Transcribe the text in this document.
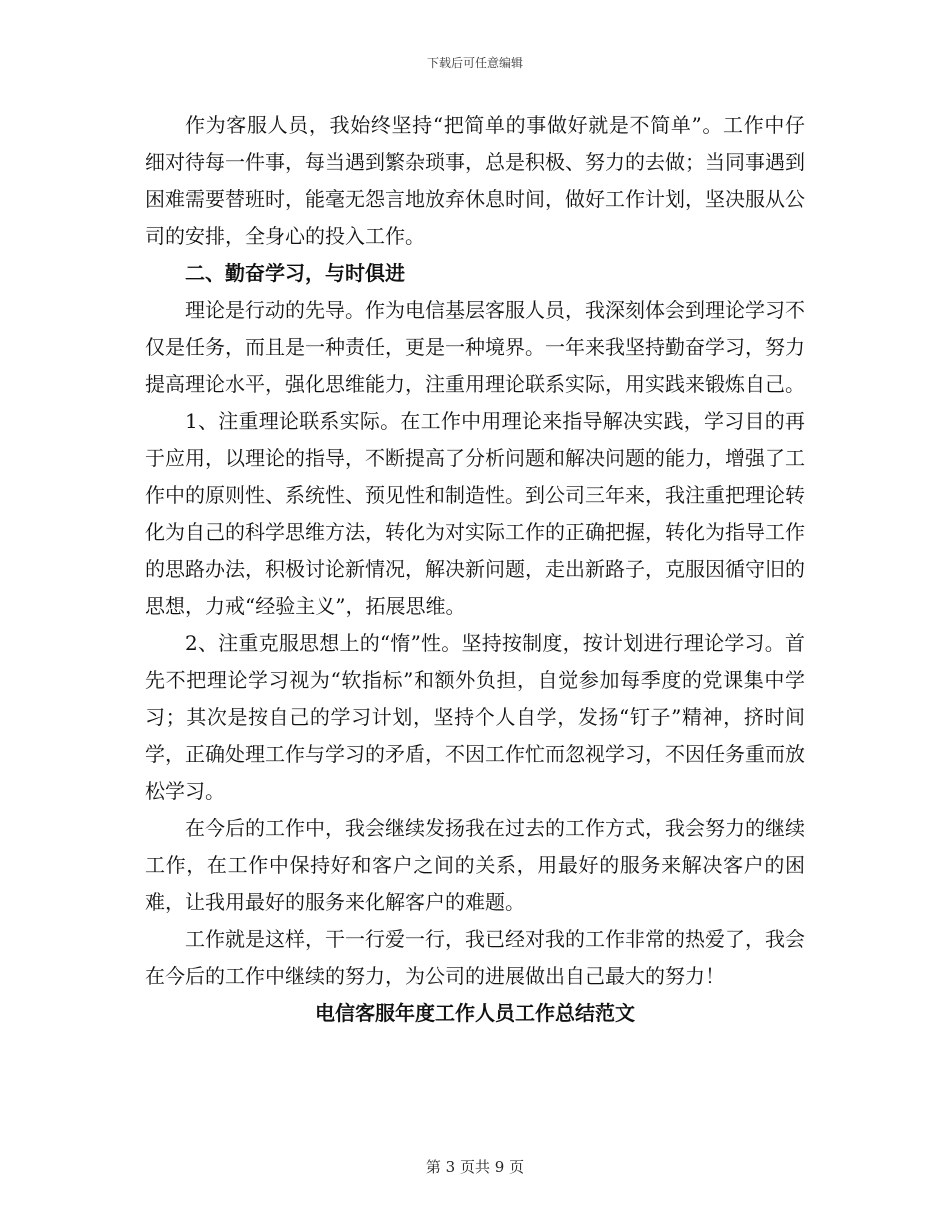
下载后可任意编辑

作为客服人员，我始终坚持“把简单的事做好就是不简单”。工作中仔细对待每一件事，每当遇到繁杂琐事，总是积极、努力的去做；当同事遇到困难需要替班时，能毫无怨言地放弃休息时间，做好工作计划，坚决服从公司的安排，全身心的投入工作。

二、勤奋学习，与时俱进

理论是行动的先导。作为电信基层客服人员，我深刻体会到理论学习不仅是任务，而且是一种责任，更是一种境界。一年来我坚持勤奋学习，努力提高理论水平，强化思维能力，注重用理论联系实际，用实践来锻炼自己。

1、注重理论联系实际。在工作中用理论来指导解决实践，学习目的再于应用，以理论的指导，不断提高了分析问题和解决问题的能力，增强了工作中的原则性、系统性、预见性和制造性。到公司三年来，我注重把理论转化为自己的科学思维方法，转化为对实际工作的正确把握，转化为指导工作的思路办法，积极讨论新情况，解决新问题，走出新路子，克服因循守旧的思想，力戒“经验主义”，拓展思维。

2、注重克服思想上的“惰”性。坚持按制度，按计划进行理论学习。首先不把理论学习视为“软指标”和额外负担，自觉参加每季度的党课集中学习；其次是按自己的学习计划，坚持个人自学，发扬“钉子”精神，挤时间学，正确处理工作与学习的矛盾，不因工作忙而忽视学习，不因任务重而放松学习。

在今后的工作中，我会继续发扬我在过去的工作方式，我会努力的继续工作，在工作中保持好和客户之间的关系，用最好的服务来解决客户的困难，让我用最好的服务来化解客户的难题。

工作就是这样，干一行爱一行，我已经对我的工作非常的热爱了，我会在今后的工作中继续的努力，为公司的进展做出自己最大的努力！

电信客服年度工作人员工作总结范文

第 3 页共 9 页
